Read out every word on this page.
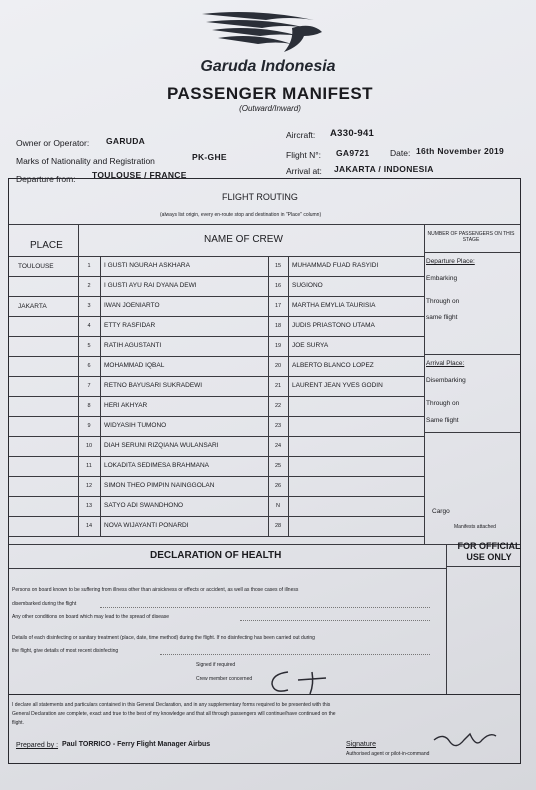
Garuda Indonesia
PASSENGER MANIFEST
(Outward/Inward)
Owner or Operator: GARUDA
Aircraft: A330-941
Marks of Nationality and Registration	PK-GHE	Flight N°: GA9721 Date: 16th November 2019
Departure from: TOULOUSE / FRANCE	Arrival at: JAKARTA / INDONESIA
FLIGHT ROUTING
(always list origin, every en-route stop and destination in "Place" column)
PLACE
NAME OF CREW	NUMBER OF PASSENGERS ON THIS STAGE
1	I GUSTI NGURAH ASKHARA	15	MUHAMMAD FUAD RASYIDI
2	I GUSTI AYU RAI DYANA DEWI	16	SUGIONO
3	IWAN JOENIARTO	17	MARTHA EMYLIA TAURISIA
4	ETTY RASFIDAR	18	JUDIS PRIASTONO UTAMA
5	RATIH AGUSTANTI	19	JOE SURYA
6	MOHAMMAD IQBAL	20	ALBERTO BLANCO LOPEZ
7	RETNO BAYUSARI SUKRADEWI	21	LAURENT JEAN YVES GODIN
8	HERI AKHYAR	22
9	WIDYASIH TUMONO	23
10	DIAH SERUNI RIZQIANA WULANSARI	24
11	LOKADITA SEDIMESA BRAHMANA	25
12	SIMON THEO PIMPIN NAINGGOLAN	26
13	SATYO ADI SWANDHONO	N
14	NOVA WIJAYANTI PONARDI	28
TOULOUSE
JAKARTA
Departure Place:
Embarking
Through on
same flight
Arrival Place:
Disembarking
Through on
Same flight
Cargo
Manifests attached
DECLARATION OF HEALTH
FOR OFFICIAL USE ONLY
Persons on board known to be suffering from illness other than airsickness or effects or accident, as well as those cases of illness
disembarked during the flight
Any other conditions on board which may lead to the spread of disease
Details of each disinfecting or sanitary treatment (place, date, time method) during the flight. If no disinfecting has been carried out during
the flight, give details of most recent disinfecting
Signed if required
Crew member concerned
I declare all statements and particulars contained in this General Declaration, and in any supplementary forms required to be presented with this
General Declaration are complete, exact and true to the best of my knowledge and that all through passengers will continue/have continued on the
flight.
Prepared by : Paul TORRICO - Ferry Flight Manager Airbus	Signature
Authorised agent or pilot-in-command
